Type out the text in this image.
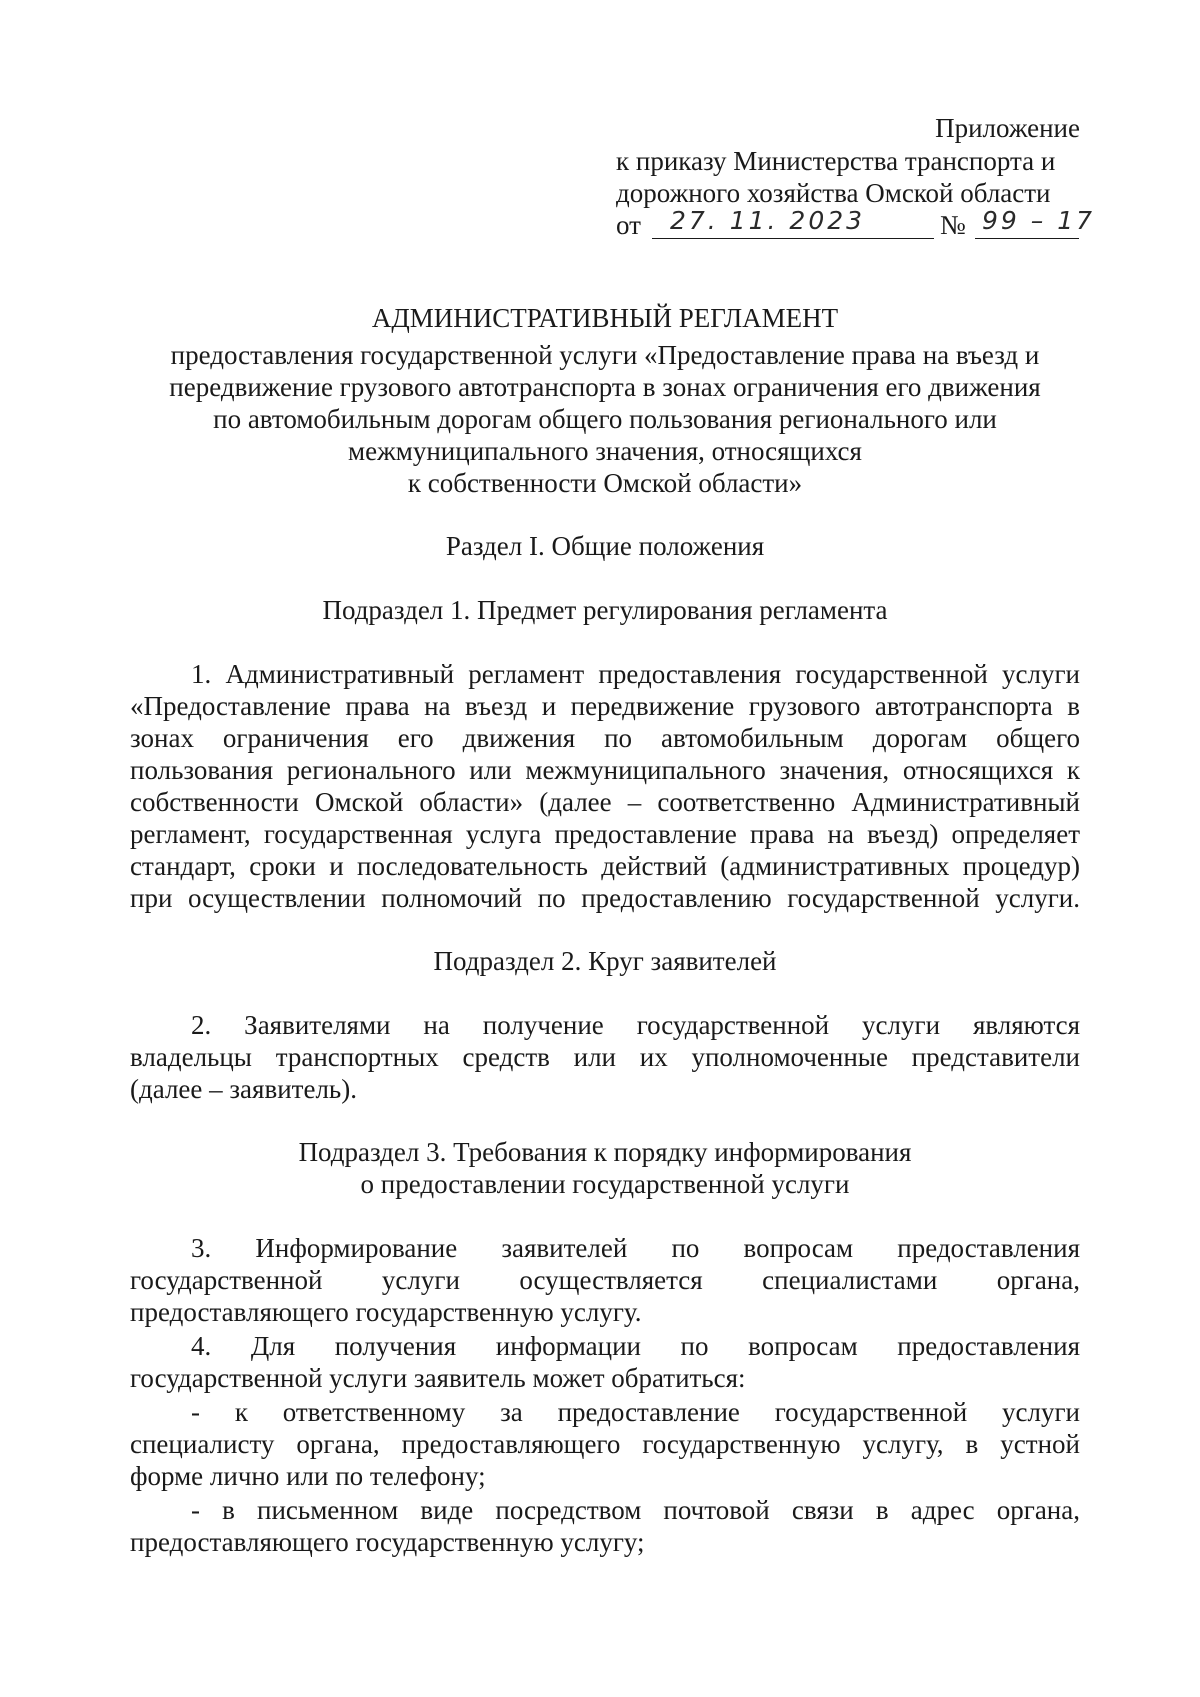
Приложение
к приказу Министерства транспорта и
дорожного хозяйства Омской области
от 27. 11. 2023	№ 99 – 17
АДМИНИСТРАТИВНЫЙ РЕГЛАМЕНТ
предоставления государственной услуги «Предоставление права на въезд и
передвижение грузового автотранспорта в зонах ограничения его движения
по автомобильным дорогам общего пользования регионального или
межмуниципального значения, относящихся
к собственности Омской области»
Раздел I. Общие положения
Подраздел 1. Предмет регулирования регламента
1. Административный регламент предоставления государственной услуги
«Предоставление права на въезд и передвижение грузового автотранспорта в
зонах ограничения его движения по автомобильным дорогам общего
пользования регионального или межмуниципального значения, относящихся к
собственности Омской области» (далее – соответственно Административный
регламент, государственная услуга предоставление права на въезд) определяет
стандарт, сроки и последовательность действий (административных процедур)
при осуществлении полномочий по предоставлению государственной услуги.
Подраздел 2. Круг заявителей
2. Заявителями на получение государственной услуги являются
владельцы транспортных средств или их уполномоченные представители
(далее – заявитель).
Подраздел 3. Требования к порядку информирования
о предоставлении государственной услуги
3. Информирование заявителей по вопросам предоставления
государственной услуги осуществляется специалистами органа,
предоставляющего государственную услугу.
4. Для получения информации по вопросам предоставления
государственной услуги заявитель может обратиться:
- к ответственному за предоставление государственной услуги
специалисту органа, предоставляющего государственную услугу, в устной
форме лично или по телефону;
- в письменном виде посредством почтовой связи в адрес органа,
предоставляющего государственную услугу;
